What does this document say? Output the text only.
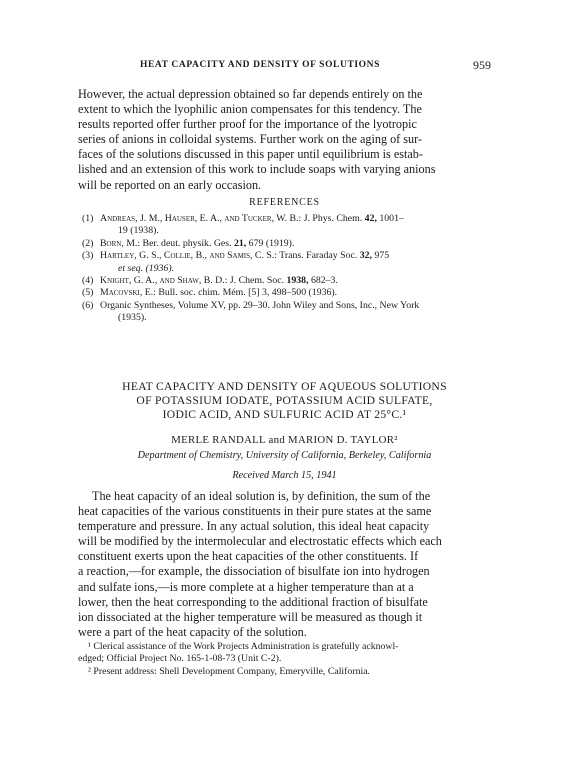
HEAT CAPACITY AND DENSITY OF SOLUTIONS	959

However, the actual depression obtained so far depends entirely on the
extent to which the lyophilic anion compensates for this tendency. The
results reported offer further proof for the importance of the lyotropic
series of anions in colloidal systems. Further work on the aging of sur-
faces of the solutions discussed in this paper until equilibrium is estab-
lished and an extension of this work to include soaps with varying anions
will be reported on an early occasion.

REFERENCES
(1) Andreas, J. M., Hauser, E. A., and Tucker, W. B.: J. Phys. Chem. 42, 1001–
19 (1938).
(2) Born, M.: Ber. deut. physik. Ges. 21, 679 (1919).
(3) Hartley, G. S., Collie, B., and Samis, C. S.: Trans. Faraday Soc. 32, 975
et seq. (1936).
(4) Knight, G. A., and Shaw, B. D.: J. Chem. Soc. 1938, 682–3.
(5) Macovski, E.: Bull. soc. chim. Mém. [5] 3, 498–500 (1936).
(6) Organic Syntheses, Volume XV, pp. 29–30. John Wiley and Sons, Inc., New York
(1935).
HEAT CAPACITY AND DENSITY OF AQUEOUS SOLUTIONS
OF POTASSIUM IODATE, POTASSIUM ACID SULFATE,
IODIC ACID, AND SULFURIC ACID AT 25°C.¹
MERLE RANDALL and MARION D. TAYLOR²
Department of Chemistry, University of California, Berkeley, California
Received March 15, 1941

The heat capacity of an ideal solution is, by definition, the sum of the
heat capacities of the various constituents in their pure states at the same
temperature and pressure. In any actual solution, this ideal heat capacity
will be modified by the intermolecular and electrostatic effects which each
constituent exerts upon the heat capacities of the other constituents. If
a reaction,—for example, the dissociation of bisulfate ion into hydrogen
and sulfate ions,—is more complete at a higher temperature than at a
lower, then the heat corresponding to the additional fraction of bisulfate
ion dissociated at the higher temperature will be measured as though it
were a part of the heat capacity of the solution.

¹ Clerical assistance of the Work Projects Administration is gratefully acknowl-
edged; Official Project No. 165-1-08-73 (Unit C-2).
² Present address: Shell Development Company, Emeryville, California.
